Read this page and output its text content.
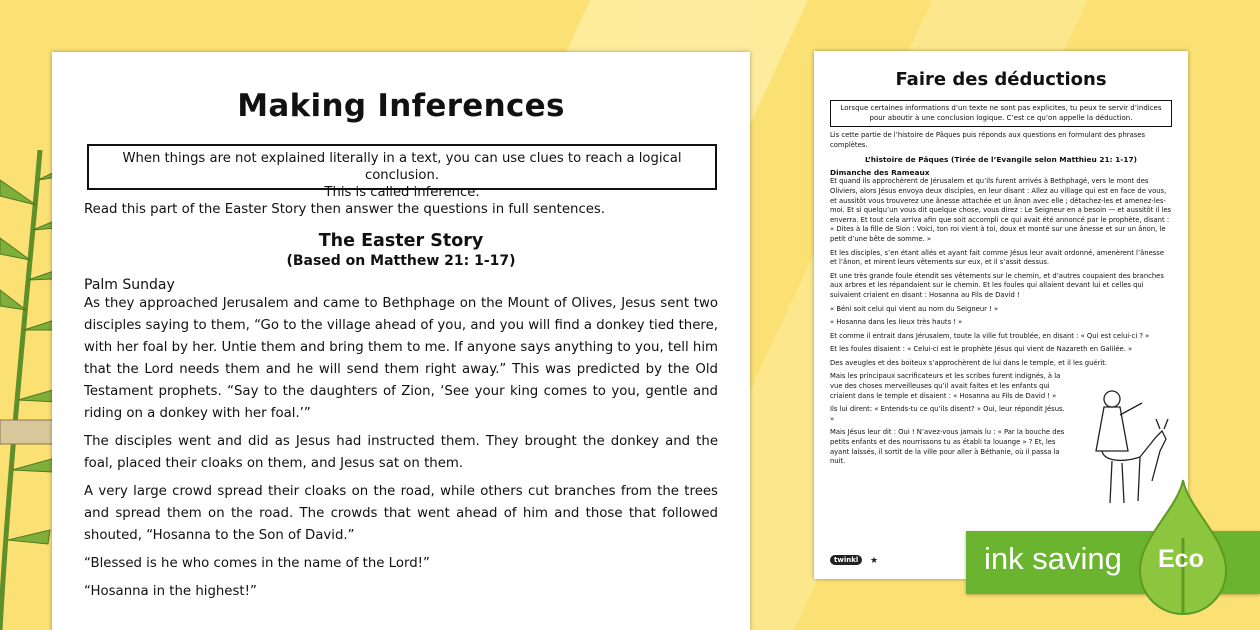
Making Inferences
When things are not explained literally in a text, you can use clues to reach a logical conclusion.
This is called inference.

Read this part of the Easter Story then answer the questions in full sentences.

The Easter Story
(Based on Matthew 21: 1-17)
Palm Sunday

As they approached Jerusalem and came to Bethphage on the Mount of Olives, Jesus sent two disciples saying to them, “Go to the village ahead of you, and you will find a donkey tied there, with her foal by her. Untie them and bring them to me. If anyone says anything to you, tell him that the Lord needs them and he will send them right away.” This was predicted by the Old Testament prophets. “Say to the daughters of Zion, ‘See your king comes to you, gentle and riding on a donkey with her foal.’”

The disciples went and did as Jesus had instructed them. They brought the donkey and the foal, placed their cloaks on them, and Jesus sat on them.

A very large crowd spread their cloaks on the road, while others cut branches from the trees and spread them on the road. The crowds that went ahead of him and those that followed shouted, “Hosanna to the Son of David.”

“Blessed is he who comes in the name of the Lord!”

“Hosanna in the highest!”

Faire des déductions
Lorsque certaines informations d’un texte ne sont pas explicites, tu peux te servir d’indices pour aboutir à une conclusion logique. C’est ce qu’on appelle la déduction.

Lis cette partie de l’histoire de Pâques puis réponds aux questions en formulant des phrases complètes.

L’histoire de Pâques (Tirée de l’Evangile selon Matthieu 21: 1-17)
Dimanche des Rameaux

Et quand ils approchèrent de Jérusalem et qu’ils furent arrivés à Bethphagé, vers le mont des Oliviers, alors Jésus envoya deux disciples, en leur disant : Allez au village qui est en face de vous, et aussitôt vous trouverez une ânesse attachée et un ânon avec elle ; détachez-les et amenez-les-moi. Et si quelqu’un vous dit quelque chose, vous direz : Le Seigneur en a besoin — et aussitôt il les enverra. Et tout cela arriva afin que soit accompli ce qui avait été annoncé par le prophète, disant : « Dites à la fille de Sion : Voici, ton roi vient à toi, doux et monté sur une ânesse et sur un ânon, le petit d’une bête de somme. »

Et les disciples, s’en étant allés et ayant fait comme Jésus leur avait ordonné, amenèrent l’ânesse et l’ânon, et mirent leurs vêtements sur eux, et il s’assit dessus.

Et une très grande foule étendit ses vêtements sur le chemin, et d’autres coupaient des branches aux arbres et les répandaient sur le chemin. Et les foules qui allaient devant lui et celles qui suivaient criaient en disant : Hosanna au Fils de David !

« Béni soit celui qui vient au nom du Seigneur ! »

« Hosanna dans les lieux très hauts ! »

Et comme il entrait dans Jérusalem, toute la ville fut troublée, en disant : « Qui est celui-ci ? »

Et les foules disaient : « Celui-ci est le prophète Jésus qui vient de Nazareth en Galilée. »

Des aveugles et des boiteux s’approchèrent de lui dans le temple, et il les guérit.

Mais les principaux sacrificateurs et les scribes furent indignés, à la vue des choses merveilleuses qu’il avait faites et les enfants qui criaient dans le temple et disaient : « Hosanna au Fils de David ! »

Ils lui dirent: « Entends-tu ce qu’ils disent? » Oui, leur répondit Jésus. »

Mais Jésus leur dit : Oui ! N’avez-vous jamais lu : « Par la bouche des petits enfants et des nourrissons tu as établi ta louange » ? Et, les ayant laissés, il sortit de la ville pour aller à Béthanie, où il passa la nuit.

twinkl	★	ink saving Eco
